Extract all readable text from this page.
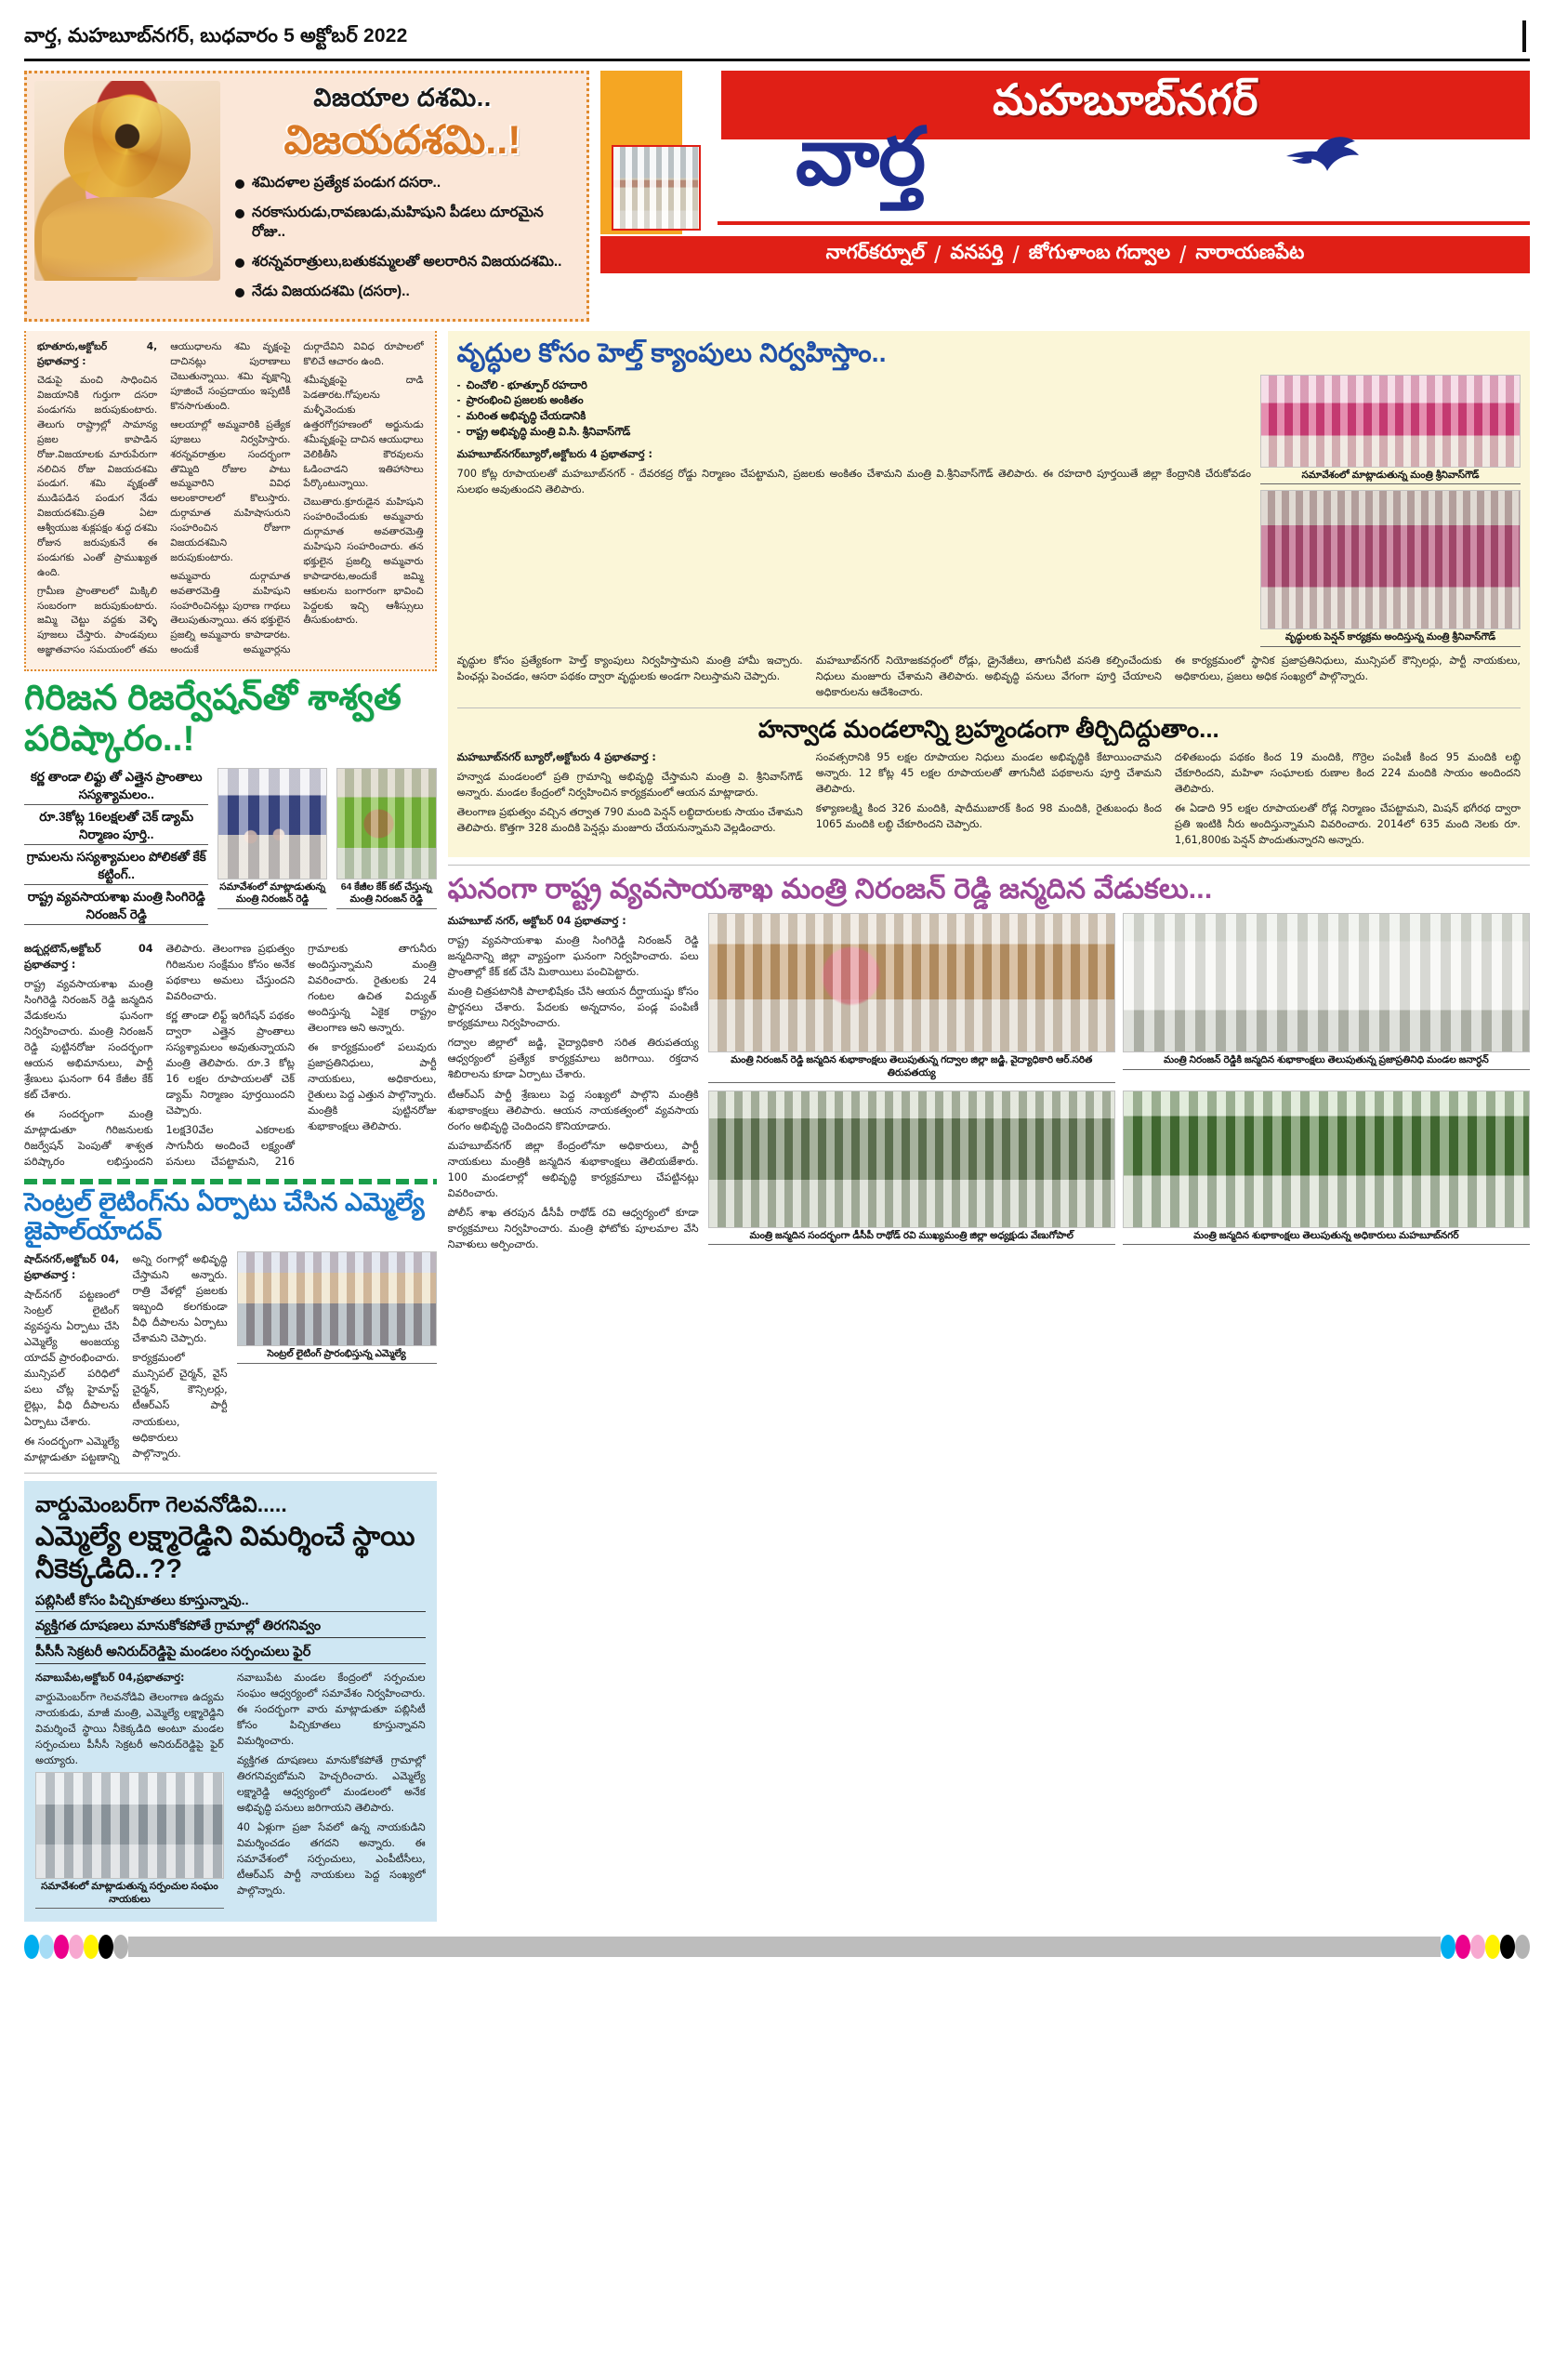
వార్త, మహబూబ్‌నగర్, బుధవారం 5 అక్టోబర్ 2022
విజయాల దశమి..
విజయదశమి..!
శమిదళాల ప్రత్యేక పండుగ దసరా..
నరకాసురుడు,రావణుడు,మహిషుని పీడలు దూరమైన రోజు..
శరన్నవరాత్రులు,బతుకమ్మలతో అలరారిన విజయదశమి..
నేడు విజయదశమి (దసరా)..
మహబూబ్‌నగర్
వార్త
నాగర్‌కర్నూల్ / వనపర్తి / జోగుళాంబ గద్వాల / నారాయణపేట

భూతూరు,అక్టోబర్ 4, ప్రభాతవార్త :

చెడుపై మంచి సాధించిన విజయానికి గుర్తుగా దసరా పండుగను జరుపుకుంటారు. తెలుగు రాష్ట్రాల్లో సామాన్య ప్రజల కాపాడిన రోజు.విజయాలకు మారుపేరుగా నలిచిన రోజు విజయదశమి పండుగ. శమి వృక్షంతో ముడిపడిన పండుగ నేడు విజయదశమి.ప్రతి ఏటా ఆశ్వీయుజ శుక్లపక్షం శుద్ధ దశమి రోజున జరుపుకునే ఈ పండుగకు ఎంతో ప్రాముఖ్యత ఉంది.

గ్రామీణ ప్రాంతాలలో మిక్కిలి సంబరంగా జరుపుకుంటారు. జమ్మి చెట్టు వద్దకు వెళ్ళి పూజలు చేస్తారు. పాండవులు అజ్ఞాతవాసం సమయంలో తమ ఆయుధాలను శమి వృక్షంపై దాచినట్లు పురాణాలు చెబుతున్నాయి. శమి వృక్షాన్ని పూజించే సంప్రదాయం ఇప్పటికీ కొనసాగుతుంది.

ఆలయాల్లో అమ్మవారికి ప్రత్యేక పూజలు నిర్వహిస్తారు. శరన్నవరాత్రుల సందర్భంగా తొమ్మిది రోజుల పాటు అమ్మవారిని వివిధ అలంకారాలలో కొలుస్తారు. దుర్గామాత మహిషాసురుని సంహరించిన రోజుగా విజయదశమిని జరుపుకుంటారు.

అమ్మవారు దుర్గామాత అవతారమెత్తి మహిషుని సంహరించినట్లు పురాణ గాథలు తెలుపుతున్నాయి. తన భక్తులైన ప్రజల్ని అమ్మవారు కాపాడారట. అందుకే అమ్మవార్లను దుర్గాదేవిని వివిధ రూపాలలో కొలిచే ఆచారం ఉంది.

శమీవృక్షంపై దాడి పెడతారట.గోపులను మళ్ళీవెందుకు ఉత్తరగోగ్రహణంలో అర్జునుడు శమీవృక్షంపై దాచిన ఆయుధాలు వెలికితీసి కౌరవులను ఓడించాడని ఇతిహాసాలు పేర్కొంటున్నాయి.

చెబుతారు.క్రూరుడైన మహిషుని సంహరించేందుకు అమ్మవారు దుర్గామాత అవతారమెత్తి మహిషుని సంహరించారు. తన భక్తులైన ప్రజల్ని అమ్మవారు కాపాడారట,అందుకే జమ్మి ఆకులను బంగారంగా భావించి పెద్దలకు ఇచ్చి ఆశీస్సులు తీసుకుంటారు.

గిరిజన రిజర్వేషన్‌తో శాశ్వత పరిష్కారం..!
కర్ణ తాండా లిఫ్టు తో ఎత్తైన ప్రాంతాలు సస్యశ్యామలం.. రూ.3కోట్ల 16లక్షలతో చెక్ డ్యామ్ నిర్మాణం పూర్తి.. గ్రామలను సస్యశ్యామలం పోలికతో కేక్ కట్టింగ్.. రాష్ట్ర వ్యవసాయశాఖ మంత్రి సింగిరెడ్డి నిరంజన్ రెడ్డి
సమావేశంలో మాట్లాడుతున్న మంత్రి నిరంజన్ రెడ్డి
64 కేజీల కేక్ కట్ చేస్తున్న మంత్రి నిరంజన్ రెడ్డి

జడ్చర్లటౌన్,అక్టోబర్ 04 ప్రభాతవార్త :

రాష్ట్ర వ్యవసాయశాఖ మంత్రి సింగిరెడ్డి నిరంజన్ రెడ్డి జన్మదిన వేడుకలను ఘనంగా నిర్వహించారు. మంత్రి నిరంజన్ రెడ్డి పుట్టినరోజు సందర్భంగా ఆయన అభిమానులు, పార్టీ శ్రేణులు ఘనంగా 64 కేజీల కేక్ కట్ చేశారు.

ఈ సందర్భంగా మంత్రి మాట్లాడుతూ గిరిజనులకు రిజర్వేషన్ పెంపుతో శాశ్వత పరిష్కారం లభిస్తుందని తెలిపారు. తెలంగాణ ప్రభుత్వం గిరిజనుల సంక్షేమం కోసం అనేక పథకాలు అమలు చేస్తుందని వివరించారు.

కర్ణ తాండా లిఫ్ట్ ఇరిగేషన్ పథకం ద్వారా ఎత్తైన ప్రాంతాలు సస్యశ్యామలం అవుతున్నాయని మంత్రి తెలిపారు. రూ.3 కోట్ల 16 లక్షల రూపాయలతో చెక్ డ్యామ్ నిర్మాణం పూర్తయిందని చెప్పారు.

1లక్ష30వేల ఎకరాలకు సాగునీరు అందించే లక్ష్యంతో పనులు చేపట్టామని, 216 గ్రామాలకు తాగునీరు అందిస్తున్నామని మంత్రి వివరించారు. రైతులకు 24 గంటల ఉచిత విద్యుత్ అందిస్తున్న ఏకైక రాష్ట్రం తెలంగాణ అని అన్నారు.

ఈ కార్యక్రమంలో పలువురు ప్రజాప్రతినిధులు, పార్టీ నాయకులు, అధికారులు, రైతులు పెద్ద ఎత్తున పాల్గొన్నారు. మంత్రికి పుట్టినరోజు శుభాకాంక్షలు తెలిపారు.

సెంట్రల్ లైటింగ్‌ను ఏర్పాటు చేసిన ఎమ్మెల్యే జైపాల్‌యాదవ్

షాద్‌నగర్,అక్టోబర్ 04, ప్రభాతవార్త :

షాద్‌నగర్ పట్టణంలో సెంట్రల్ లైటింగ్ వ్యవస్థను ఏర్పాటు చేసి ఎమ్మెల్యే అంజయ్య యాదవ్ ప్రారంభించారు. మున్సిపల్ పరిధిలో పలు చోట్ల హైమాస్ట్ లైట్లు, వీధి దీపాలను ఏర్పాటు చేశారు.

ఈ సందర్భంగా ఎమ్మెల్యే మాట్లాడుతూ పట్టణాన్ని అన్ని రంగాల్లో అభివృద్ధి చేస్తామని అన్నారు. రాత్రి వేళల్లో ప్రజలకు ఇబ్బంది కలగకుండా వీధి దీపాలను ఏర్పాటు చేశామని చెప్పారు.

కార్యక్రమంలో మున్సిపల్ చైర్మన్, వైస్ చైర్మన్, కౌన్సిలర్లు, టీఆర్ఎస్ పార్టీ నాయకులు, అధికారులు పాల్గొన్నారు.

సెంట్రల్ లైటింగ్ ప్రారంభిస్తున్న ఎమ్మెల్యే
వార్డుమెంబర్‌గా గెలవనోడివి.....
ఎమ్మెల్యే లక్ష్మారెడ్డిని విమర్శించే స్థాయి నీకెక్కడిది..??
పబ్లిసిటీ కోసం పిచ్చికూతలు కూస్తున్నావు..
వ్యక్తిగత దూషణలు మానుకోకపోతే గ్రామాల్లో తిరగనివ్వం
పీసీసీ సెక్రటరీ అనిరుద్‌రెడ్డిపై మండలం సర్పంచులు ఫైర్

నవాబుపేట,అక్టోబర్ 04,ప్రభాతవార్త:

వార్డుమెంబర్‌గా గెలవనోడివి తెలంగాణ ఉద్యమ నాయకుడు, మాజీ మంత్రి, ఎమ్మెల్యే లక్ష్మారెడ్డిని విమర్శించే స్థాయి నీకెక్కడిది అంటూ మండల సర్పంచులు పీసీసీ సెక్రటరీ అనిరుద్‌రెడ్డిపై ఫైర్ అయ్యారు.

సమావేశంలో మాట్లాడుతున్న సర్పంచుల సంఘం నాయకులు

నవాబుపేట మండల కేంద్రంలో సర్పంచుల సంఘం ఆధ్వర్యంలో సమావేశం నిర్వహించారు. ఈ సందర్భంగా వారు మాట్లాడుతూ పబ్లిసిటీ కోసం పిచ్చికూతలు కూస్తున్నావని విమర్శించారు.

వ్యక్తిగత దూషణలు మానుకోకపోతే గ్రామాల్లో తిరగనివ్వబోమని హెచ్చరించారు. ఎమ్మెల్యే లక్ష్మారెడ్డి ఆధ్వర్యంలో మండలంలో అనేక అభివృద్ధి పనులు జరిగాయని తెలిపారు.

40 ఏళ్లుగా ప్రజా సేవలో ఉన్న నాయకుడిని విమర్శించడం తగదని అన్నారు. ఈ సమావేశంలో సర్పంచులు, ఎంపీటీసీలు, టీఆర్ఎస్ పార్టీ నాయకులు పెద్ద సంఖ్యలో పాల్గొన్నారు.

వృద్ధుల కోసం హెల్త్ క్యాంపులు నిర్వహిస్తాం..
- చించోలి - భూత్పూర్ రహదారి
- ప్రారంభించి ప్రజలకు అంకితం
- మరింత అభివృద్ధి చేయడానికి
- రాష్ట్ర అభివృద్ధి మంత్రి వి.సి. శ్రీనివాస్‌గౌడ్

మహబూబ్‌నగర్‌బ్యూరో,అక్టోబరు 4 ప్రభాతవార్త :

700 కోట్ల రూపాయలతో మహబూబ్‌నగర్ - దేవరకద్ర రోడ్డు నిర్మాణం చేపట్టామని, ప్రజలకు అంకితం చేశామని మంత్రి వి.శ్రీనివాస్‌గౌడ్ తెలిపారు. ఈ రహదారి పూర్తయితే జిల్లా కేంద్రానికి చేరుకోవడం సులభం అవుతుందని తెలిపారు.

సమావేశంలో మాట్లాడుతున్న మంత్రి శ్రీనివాస్‌గౌడ్
వృద్ధులకు పెన్షన్ కార్యక్రమ అందిస్తున్న మంత్రి శ్రీనివాస్‌గౌడ్

వృద్ధుల కోసం ప్రత్యేకంగా హెల్త్ క్యాంపులు నిర్వహిస్తామని మంత్రి హామీ ఇచ్చారు. పింఛన్లు పెంచడం, ఆసరా పథకం ద్వారా వృద్ధులకు అండగా నిలుస్తామని చెప్పారు.

మహబూబ్‌నగర్ నియోజకవర్గంలో రోడ్లు, డ్రైనేజీలు, తాగునీటి వసతి కల్పించేందుకు నిధులు మంజూరు చేశామని తెలిపారు. అభివృద్ధి పనులు వేగంగా పూర్తి చేయాలని అధికారులను ఆదేశించారు.

ఈ కార్యక్రమంలో స్థానిక ప్రజాప్రతినిధులు, మున్సిపల్ కౌన్సిలర్లు, పార్టీ నాయకులు, అధికారులు, ప్రజలు అధిక సంఖ్యలో పాల్గొన్నారు.

హన్వాడ మండలాన్ని బ్రహ్మండంగా తీర్చిదిద్దుతాం...

మహబూబ్‌నగర్ బ్యూరో,అక్టోబరు 4 ప్రభాతవార్త :

హన్వాడ మండలంలో ప్రతి గ్రామాన్ని అభివృద్ధి చేస్తామని మంత్రి వి. శ్రీనివాస్‌గౌడ్ అన్నారు. మండల కేంద్రంలో నిర్వహించిన కార్యక్రమంలో ఆయన మాట్లాడారు.

తెలంగాణ ప్రభుత్వం వచ్చిన తర్వాత 790 మంది పెన్షన్ లబ్ధిదారులకు సాయం చేశామని తెలిపారు. కొత్తగా 328 మందికి పెన్షన్లు మంజూరు చేయనున్నామని వెల్లడించారు.

సంవత్సరానికి 95 లక్షల రూపాయల నిధులు మండల అభివృద్ధికి కేటాయించామని అన్నారు. 12 కోట్ల 45 లక్షల రూపాయలతో తాగునీటి పథకాలను పూర్తి చేశామని తెలిపారు.

కళ్యాణలక్ష్మి కింద 326 మందికి, షాదీముబారక్ కింద 98 మందికి, రైతుబంధు కింద 1065 మందికి లబ్ధి చేకూరిందని చెప్పారు.

దళితబంధు పథకం కింద 19 మందికి, గొర్రెల పంపిణీ కింద 95 మందికి లబ్ధి చేకూరిందని, మహిళా సంఘాలకు రుణాల కింద 224 మందికి సాయం అందిందని తెలిపారు.

ఈ ఏడాది 95 లక్షల రూపాయలతో రోడ్ల నిర్మాణం చేపట్టామని, మిషన్ భగీరథ ద్వారా ప్రతి ఇంటికి నీరు అందిస్తున్నామని వివరించారు. 2014లో 635 మంది నెలకు రూ. 1,61,800కు పెన్షన్ పొందుతున్నారని అన్నారు.

ఘనంగా రాష్ట్ర వ్యవసాయశాఖ మంత్రి నిరంజన్ రెడ్డి జన్మదిన వేడుకలు...

మహబూబ్ నగర్, అక్టోబర్ 04 ప్రభాతవార్త :

రాష్ట్ర వ్యవసాయశాఖ మంత్రి సింగిరెడ్డి నిరంజన్ రెడ్డి జన్మదినాన్ని జిల్లా వ్యాప్తంగా ఘనంగా నిర్వహించారు. పలు ప్రాంతాల్లో కేక్ కట్ చేసి మిఠాయిలు పంచిపెట్టారు.

మంత్రి చిత్రపటానికి పాలాభిషేకం చేసి ఆయన దీర్ఘాయుష్షు కోసం ప్రార్థనలు చేశారు. పేదలకు అన్నదానం, పండ్ల పంపిణీ కార్యక్రమాలు నిర్వహించారు.

గద్వాల జిల్లాలో జడ్జి, వైద్యాధికారి సరిత తిరుపతయ్య ఆధ్వర్యంలో ప్రత్యేక కార్యక్రమాలు జరిగాయి. రక్తదాన శిబిరాలను కూడా ఏర్పాటు చేశారు.

టీఆర్ఎస్ పార్టీ శ్రేణులు పెద్ద సంఖ్యలో పాల్గొని మంత్రికి శుభాకాంక్షలు తెలిపారు. ఆయన నాయకత్వంలో వ్యవసాయ రంగం అభివృద్ధి చెందిందని కొనియాడారు.

మహబూబ్‌నగర్ జిల్లా కేంద్రంలోనూ అధికారులు, పార్టీ నాయకులు మంత్రికి జన్మదిన శుభాకాంక్షలు తెలియజేశారు. 100 మండలాల్లో అభివృద్ధి కార్యక్రమాలు చేపట్టినట్లు వివరించారు.

పోలీస్ శాఖ తరపున డీసీపీ రాథోడ్ రవి ఆధ్వర్యంలో కూడా కార్యక్రమాలు నిర్వహించారు. మంత్రి ఫోటోకు పూలమాల వేసి నివాళులు అర్పించారు.

మంత్రి నిరంజన్ రెడ్డి జన్మదిన శుభాకాంక్షలు తెలుపుతున్న గద్వాల జిల్లా జడ్జి, వైద్యాధికారి ఆర్.సరిత తిరుపతయ్య
మంత్రి నిరంజన్ రెడ్డికి జన్మదిన శుభాకాంక్షలు తెలుపుతున్న ప్రజాప్రతినిధి మండల జనార్ధన్
మంత్రి జన్మదిన సందర్భంగా డీసీపీ రాథోడ్ రవి ముఖ్యమంత్రి జిల్లా అధ్యక్షుడు వేణుగోపాల్	మంత్రి జన్మదిన శుభాకాంక్షలు తెలుపుతున్న అధికారులు మహబూబ్‌నగర్
